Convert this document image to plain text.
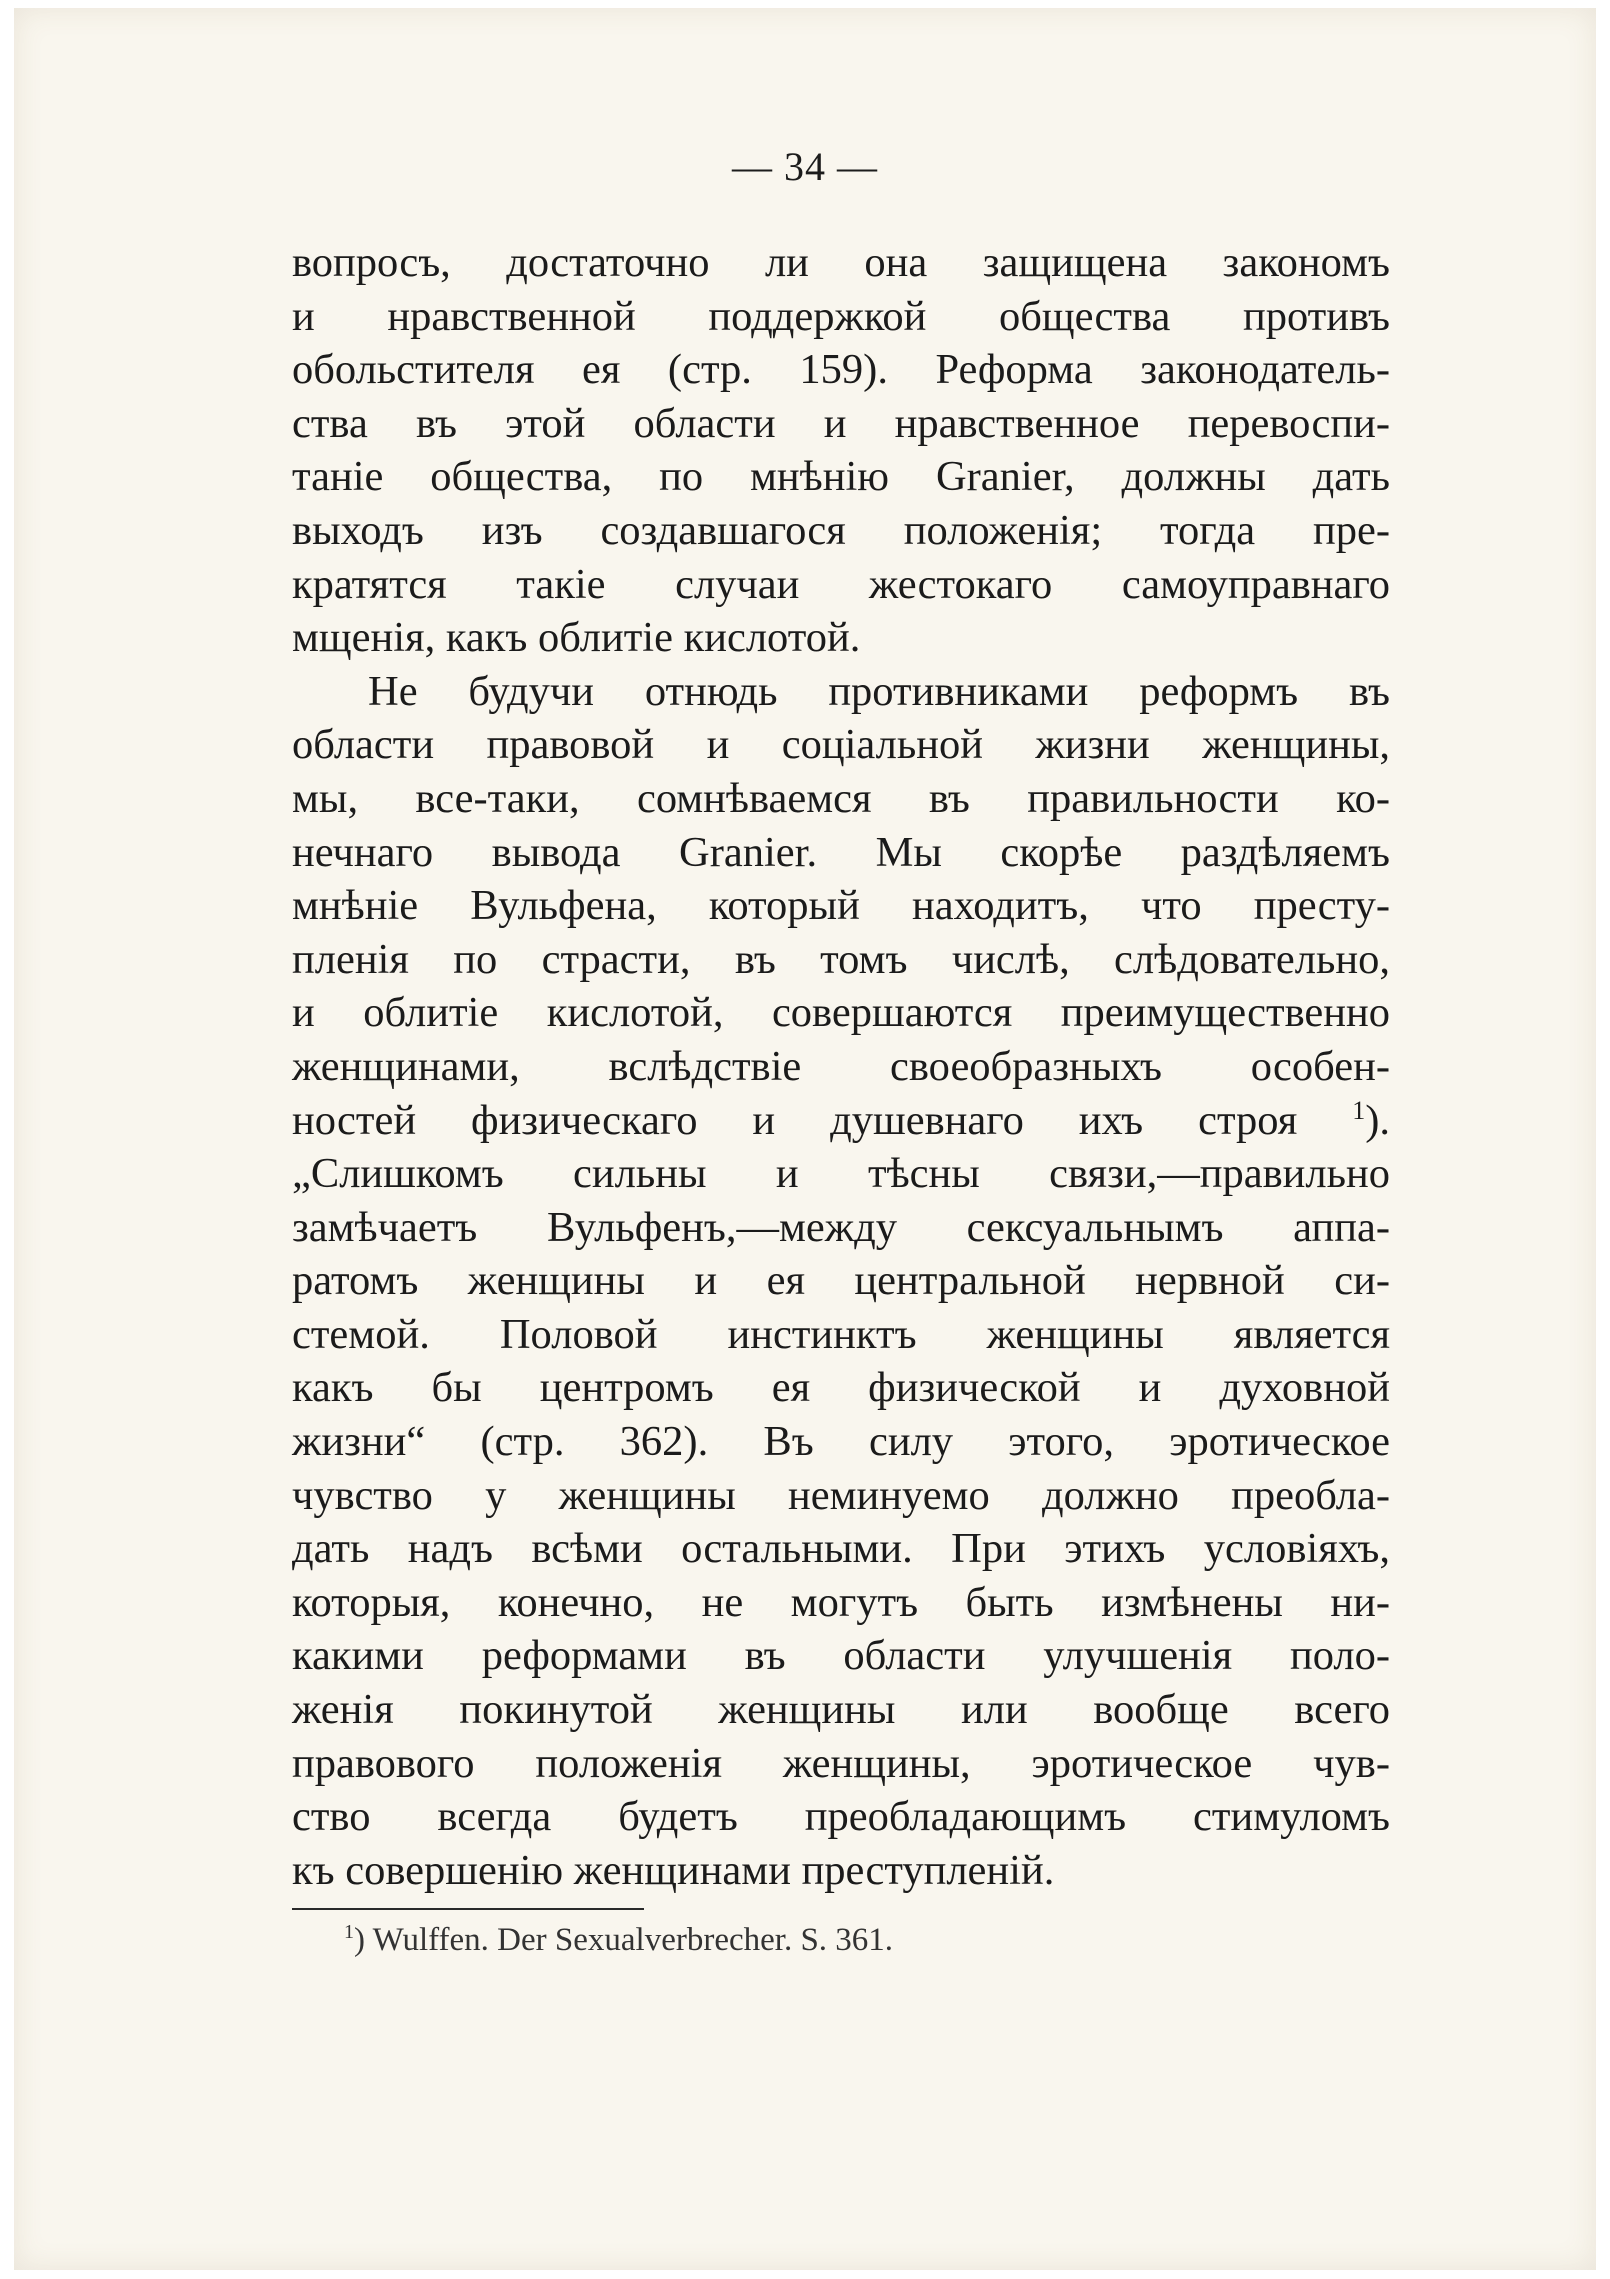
— 34 —
вопросъ, достаточно ли она защищена закономъ
и нравственной поддержкой общества противъ
обольстителя ея (стр. 159). Реформа законодатель-
ства въ этой области и нравственное перевоспи-
таніе общества, по мнѣнію Granier, должны дать
выходъ изъ создавшагося положенія; тогда пре-
кратятся такіе случаи жестокаго самоуправнаго
мщенія, какъ облитіе кислотой.
Не будучи отнюдь противниками реформъ въ
области правовой и соціальной жизни женщины,
мы, все-таки, сомнѣваемся въ правильности ко-
нечнаго вывода Granier. Мы скорѣе раздѣляемъ
мнѣніе Вульфена, который находитъ, что престу-
пленія по страсти, въ томъ числѣ, слѣдовательно,
и облитіе кислотой, совершаются преимущественно
женщинами, вслѣдствіе своеобразныхъ особен-
ностей физическаго и душевнаго ихъ строя $^1$).
„Слишкомъ сильны и тѣсны связи,—правильно
замѣчаетъ Вульфенъ,—между сексуальнымъ аппа-
ратомъ женщины и ея центральной нервной си-
стемой. Половой инстинктъ женщины является
какъ бы центромъ ея физической и духовной
жизни“ (стр. 362). Въ силу этого, эротическое
чувство у женщины неминуемо должно преобла-
дать надъ всѣми остальными. При этихъ условіяхъ,
которыя, конечно, не могутъ быть измѣнены ни-
какими реформами въ области улучшенія поло-
женія покинутой женщины или вообще всего
правового положенія женщины, эротическое чув-
ство всегда будетъ преобладающимъ стимуломъ
къ совершенію женщинами преступленій.
$^1$) Wulffen. Der Sexualverbrecher. S. 361.
